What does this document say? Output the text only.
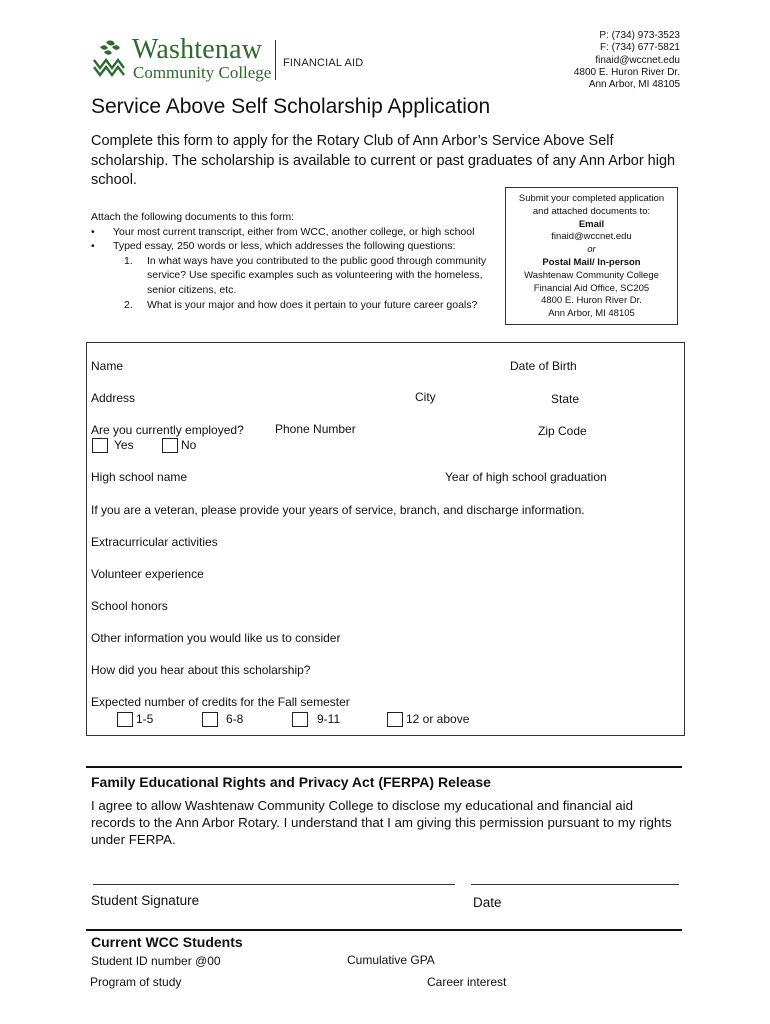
Washtenaw
Community College FINANCIAL AID
P: (734) 973-3523
F: (734) 677-5821
finaid@wccnet.edu
4800 E. Huron River Dr.
Ann Arbor, MI 48105
Service Above Self Scholarship Application
Complete this form to apply for the Rotary Club of Ann Arbor’s Service Above Self scholarship. The scholarship is available to current or past graduates of any Ann Arbor high school.
Attach the following documents to this form:
• Your most current transcript, either from WCC, another college, or high school
• Typed essay, 250 words or less, which addresses the following questions:
1. In what ways have you contributed to the public good through community service? Use specific examples such as volunteering with the homeless, senior citizens, etc.
2. What is your major and how does it pertain to your future career goals?
Submit your completed application and attached documents to:
Email
finaid@wccnet.edu
or
Postal Mail/ In-person
Washtenaw Community College
Financial Aid Office, SC205
4800 E. Huron River Dr.
Ann Arbor, MI 48105
Name	Date of Birth
Address	City	State
Are you currently employed?	Phone Number	Zip Code
Yes	No
High school name	Year of high school graduation
If you are a veteran, please provide your years of service, branch, and discharge information.
Extracurricular activities
Volunteer experience
School honors
Other information you would like us to consider
How did you hear about this scholarship?
Expected number of credits for the Fall semester
1-5	6-8	9-11	12 or above
Family Educational Rights and Privacy Act (FERPA) Release
I agree to allow Washtenaw Community College to disclose my educational and financial aid records to the Ann Arbor Rotary. I understand that I am giving this permission pursuant to my rights under FERPA.
Student Signature	Date
Current WCC Students
Student ID number @00	Cumulative GPA
Program of study	Career interest
